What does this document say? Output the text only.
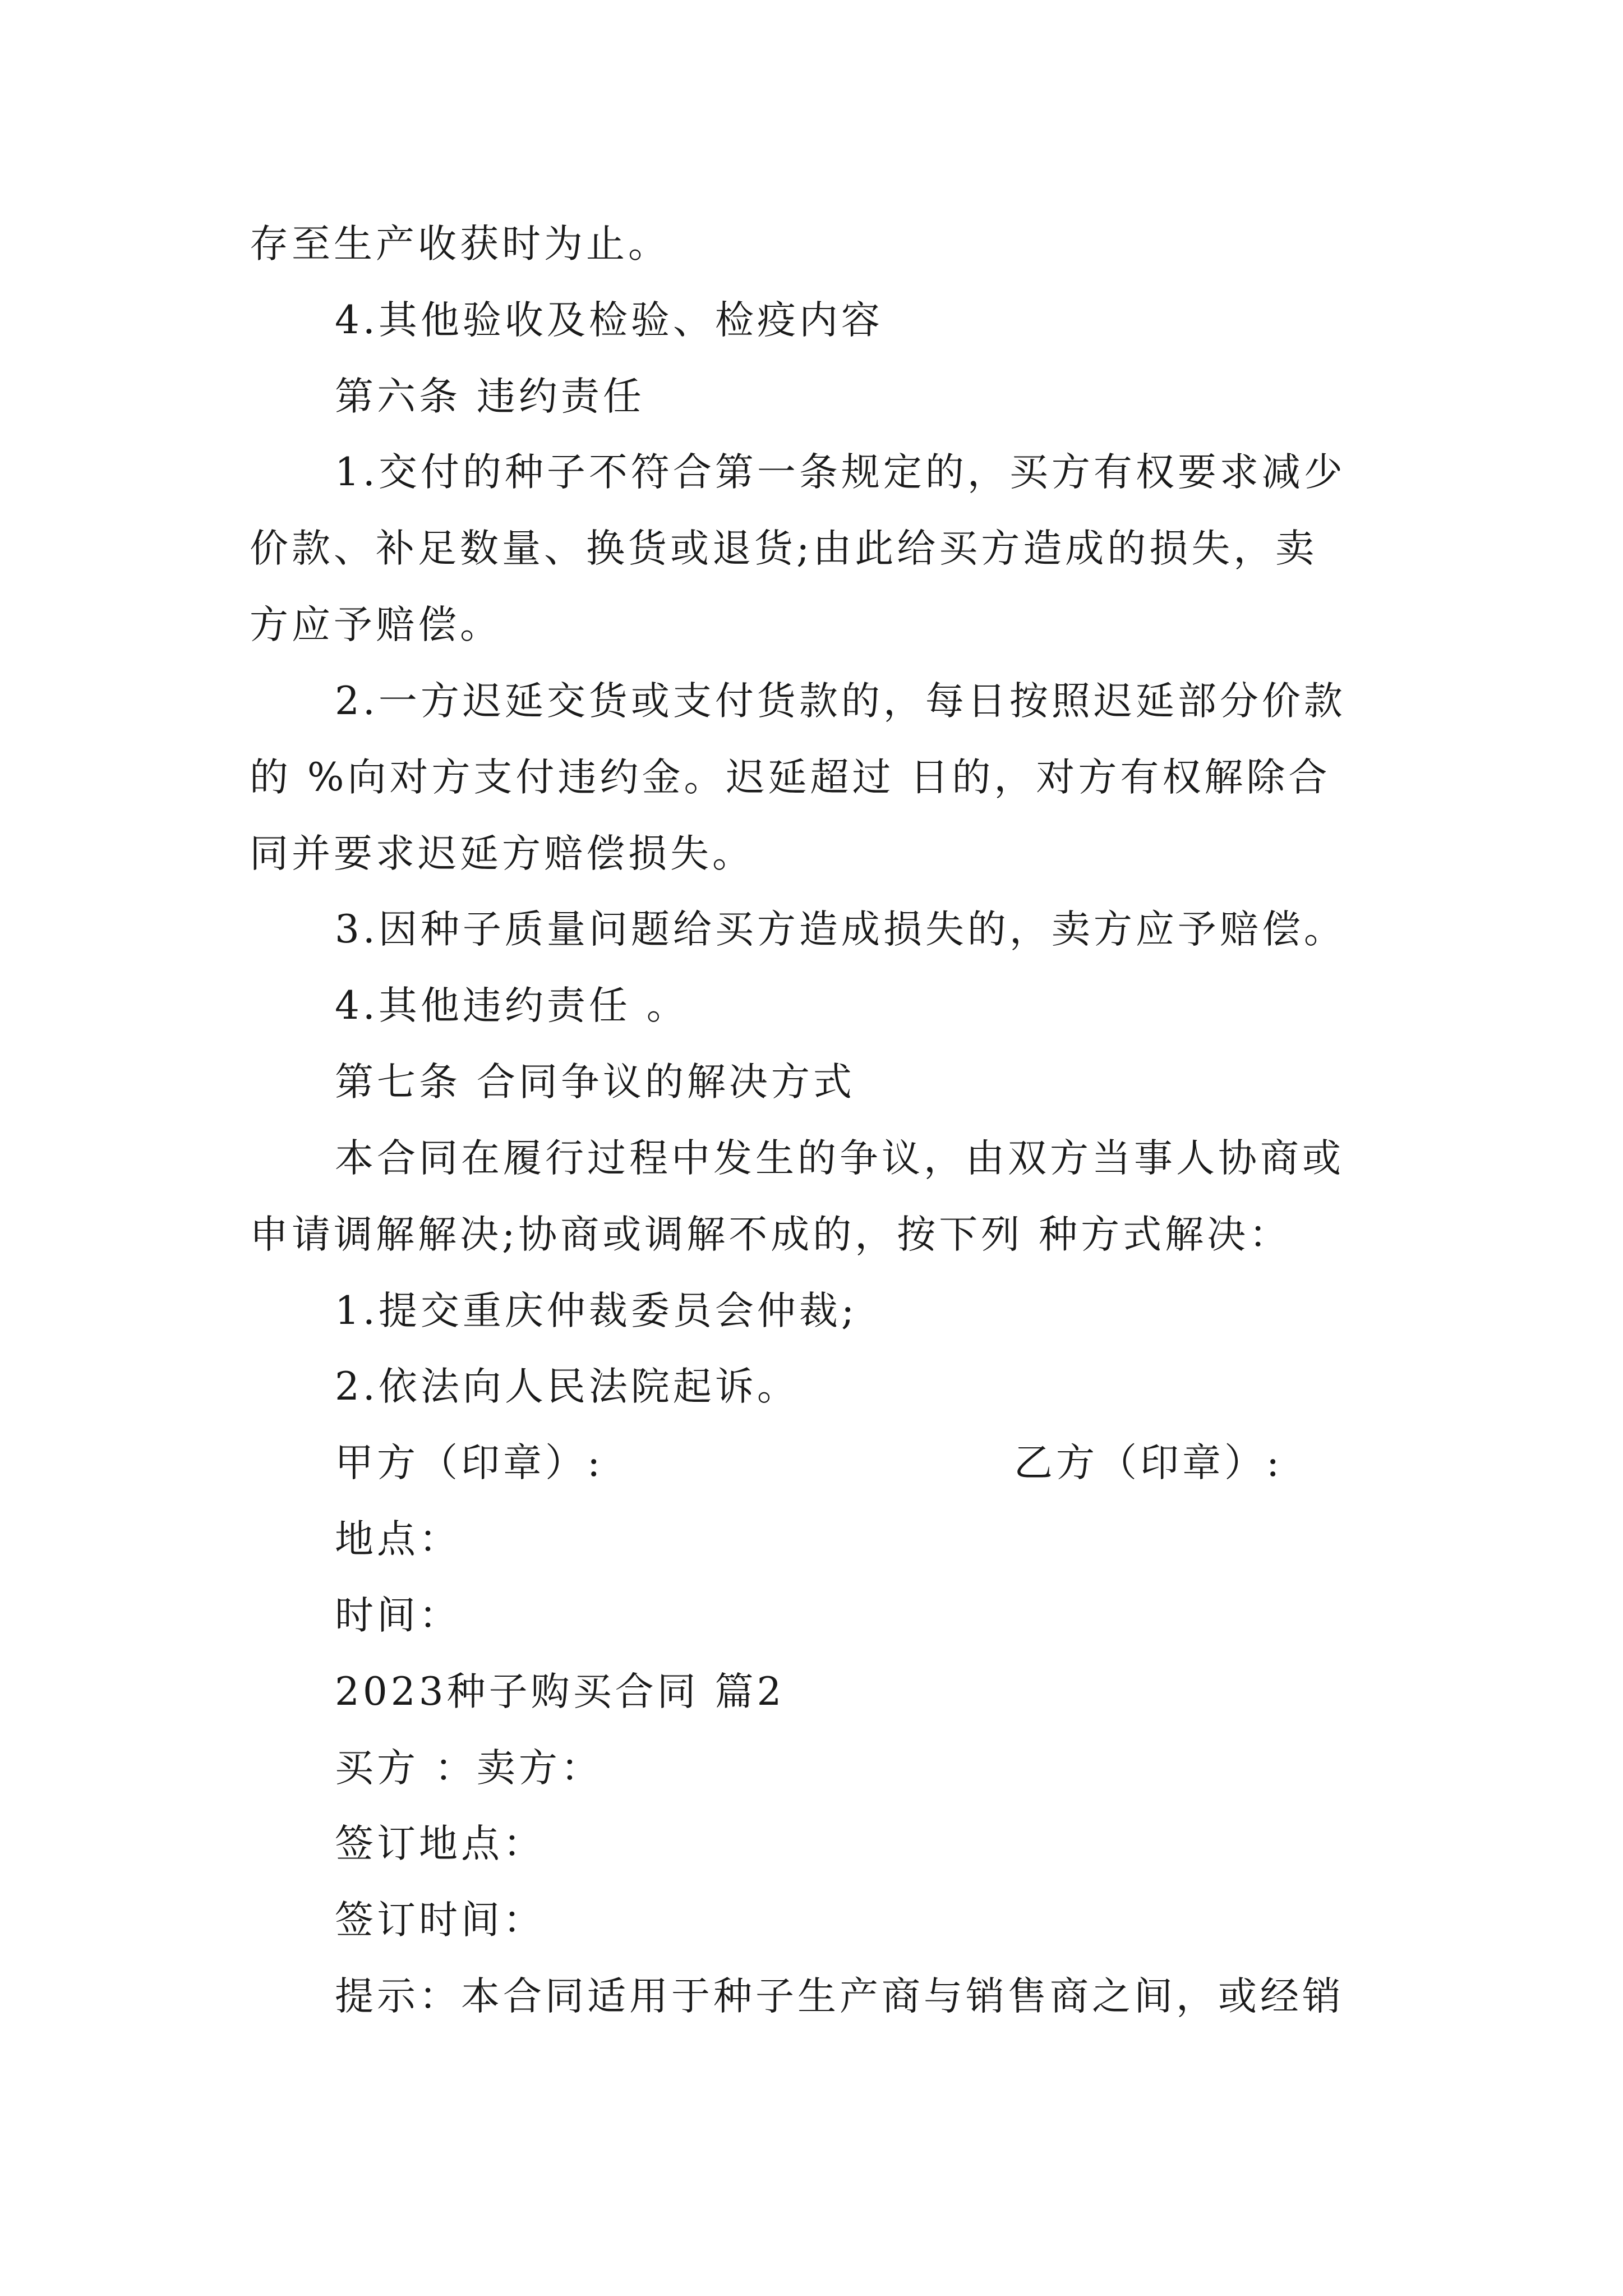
存至生产收获时为止。
4.其他验收及检验、检疫内容
第六条 违约责任
1.交付的种子不符合第一条规定的，买方有权要求减少
价款、补足数量、换货或退货;由此给买方造成的损失，卖
方应予赔偿。
2.一方迟延交货或支付货款的，每日按照迟延部分价款
的 %向对方支付违约金。迟延超过 日的，对方有权解除合
同并要求迟延方赔偿损失。
3.因种子质量问题给买方造成损失的，卖方应予赔偿。
4.其他违约责任 。
第七条 合同争议的解决方式
本合同在履行过程中发生的争议，由双方当事人协商或
申请调解解决;协商或调解不成的，按下列 种方式解决：
1.提交重庆仲裁委员会仲裁;
2.依法向人民法院起诉。
甲方（印章）:	乙方（印章）:
地点：
时间：
2023种子购买合同 篇2
买方 ：卖方：
签订地点：
签订时间：
提示：本合同适用于种子生产商与销售商之间，或经销
